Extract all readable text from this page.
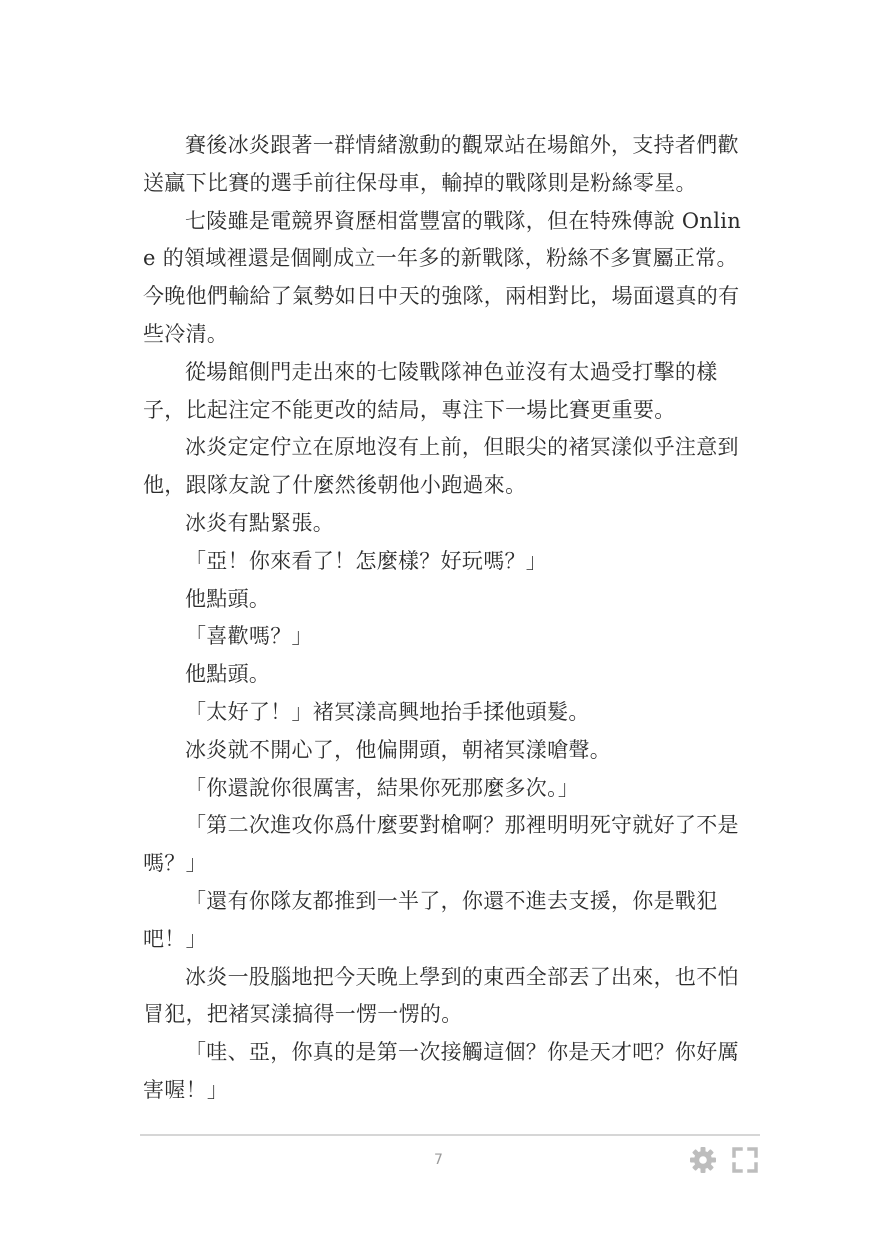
賽後冰炎跟著一群情緒激動的觀眾站在場館外，支持者們歡送贏下比賽的選手前往保母車，輸掉的戰隊則是粉絲零星。

七陵雖是電競界資歷相當豐富的戰隊，但在特殊傳說 Online 的領域裡還是個剛成立一年多的新戰隊，粉絲不多實屬正常。今晚他們輸給了氣勢如日中天的強隊，兩相對比，場面還真的有些冷清。

從場館側門走出來的七陵戰隊神色並沒有太過受打擊的樣子，比起注定不能更改的結局，專注下一場比賽更重要。

冰炎定定佇立在原地沒有上前，但眼尖的褚冥漾似乎注意到他，跟隊友說了什麼然後朝他小跑過來。

冰炎有點緊張。

「亞！你來看了！怎麼樣？好玩嗎？」

他點頭。

「喜歡嗎？」

他點頭。

「太好了！」褚冥漾高興地抬手揉他頭髮。

冰炎就不開心了，他偏開頭，朝褚冥漾嗆聲。

「你還說你很厲害，結果你死那麼多次。」

「第二次進攻你爲什麼要對槍啊？那裡明明死守就好了不是嗎？」

「還有你隊友都推到一半了，你還不進去支援，你是戰犯吧！」

冰炎一股腦地把今天晚上學到的東西全部丟了出來，也不怕冒犯，把褚冥漾搞得一愣一愣的。

「哇、亞，你真的是第一次接觸這個？你是天才吧？你好厲害喔！」

7
